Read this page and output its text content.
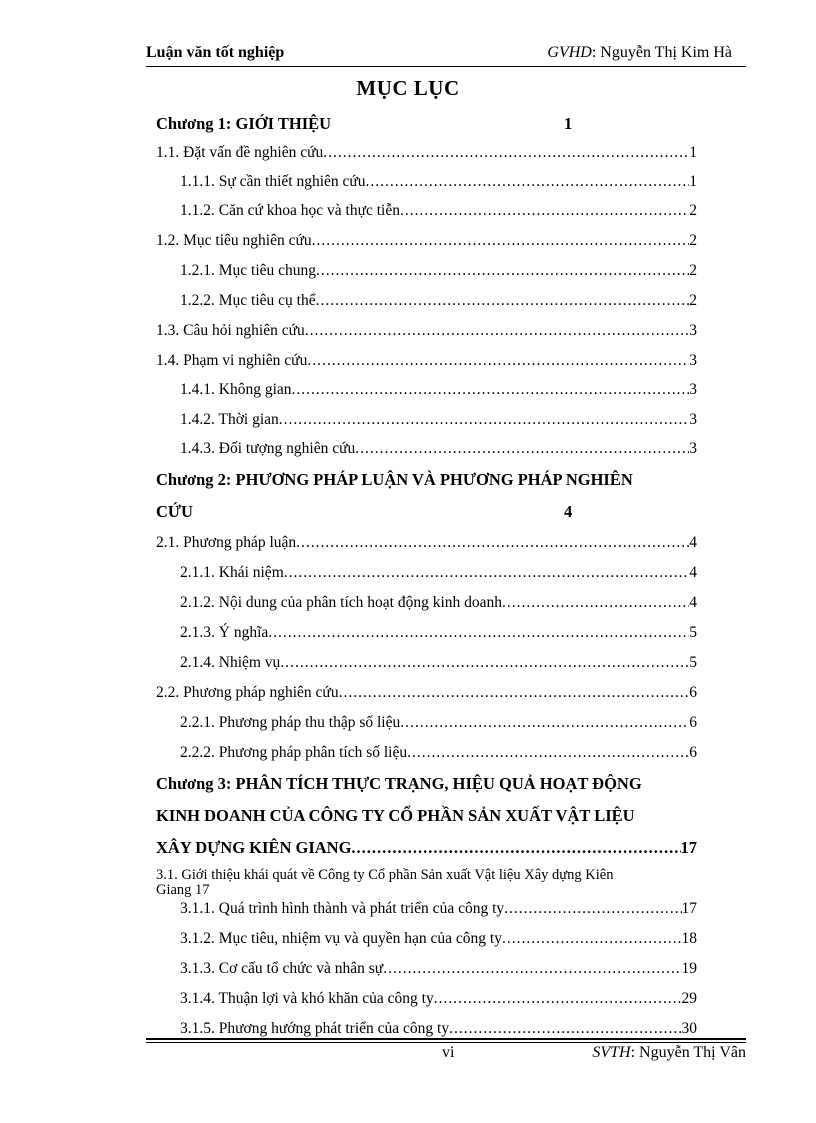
Luận văn tốt nghiệp	GVHD: Nguyễn Thị Kim Hà
MỤC LỤC
Chương 1: GIỚI THIỆU	1
1.1. Đặt vấn đề nghiên cứu .....	1
1.1.1. Sự cần thiết nghiên cứu .....	1
1.1.2. Căn cứ khoa học và thực tiễn .....	2
1.2. Mục tiêu nghiên cứu .....	2
1.2.1. Mục tiêu chung .....	2
1.2.2. Mục tiêu cụ thể .....	2
1.3. Câu hỏi nghiên cứu .....	3
1.4. Phạm vi nghiên cứu .....	3
1.4.1. Không gian .....	3
1.4.2. Thời gian .....	3
1.4.3. Đối tượng nghiên cứu .....	3
Chương 2: PHƯƠNG PHÁP LUẬN VÀ PHƯƠNG PHÁP NGHIÊN
CỨU	4
2.1. Phương pháp luận .....	4
2.1.1. Khái niệm .....	4
2.1.2. Nội dung của phân tích hoạt động kinh doanh .....	4
2.1.3. Ý nghĩa .....	5
2.1.4. Nhiệm vụ .....	5
2.2. Phương pháp nghiên cứu .....	6
2.2.1. Phương pháp thu thập số liệu .....	6
2.2.2. Phương pháp phân tích số liệu .....	6
Chương 3: PHÂN TÍCH THỰC TRẠNG, HIỆU QUẢ HOẠT ĐỘNG
KINH DOANH CỦA CÔNG TY CỔ PHẦN SẢN XUẤT VẬT LIỆU
XÂY DỰNG KIÊN GIANG .....	17
3.1. Giới thiệu khái quát về Công ty Cổ phần Sản xuất Vật liệu Xây dựng Kiên
Giang 17
3.1.1. Quá trình hình thành và phát triển của công ty .....	17
3.1.2. Mục tiêu, nhiệm vụ và quyền hạn của công ty .....	18
3.1.3. Cơ cấu tổ chức và nhân sự .....	19
3.1.4. Thuận lợi và khó khăn của công ty .....	29
3.1.5. Phương hướng phát triển của công ty .....	30
vi	SVTH: Nguyễn Thị Vân
